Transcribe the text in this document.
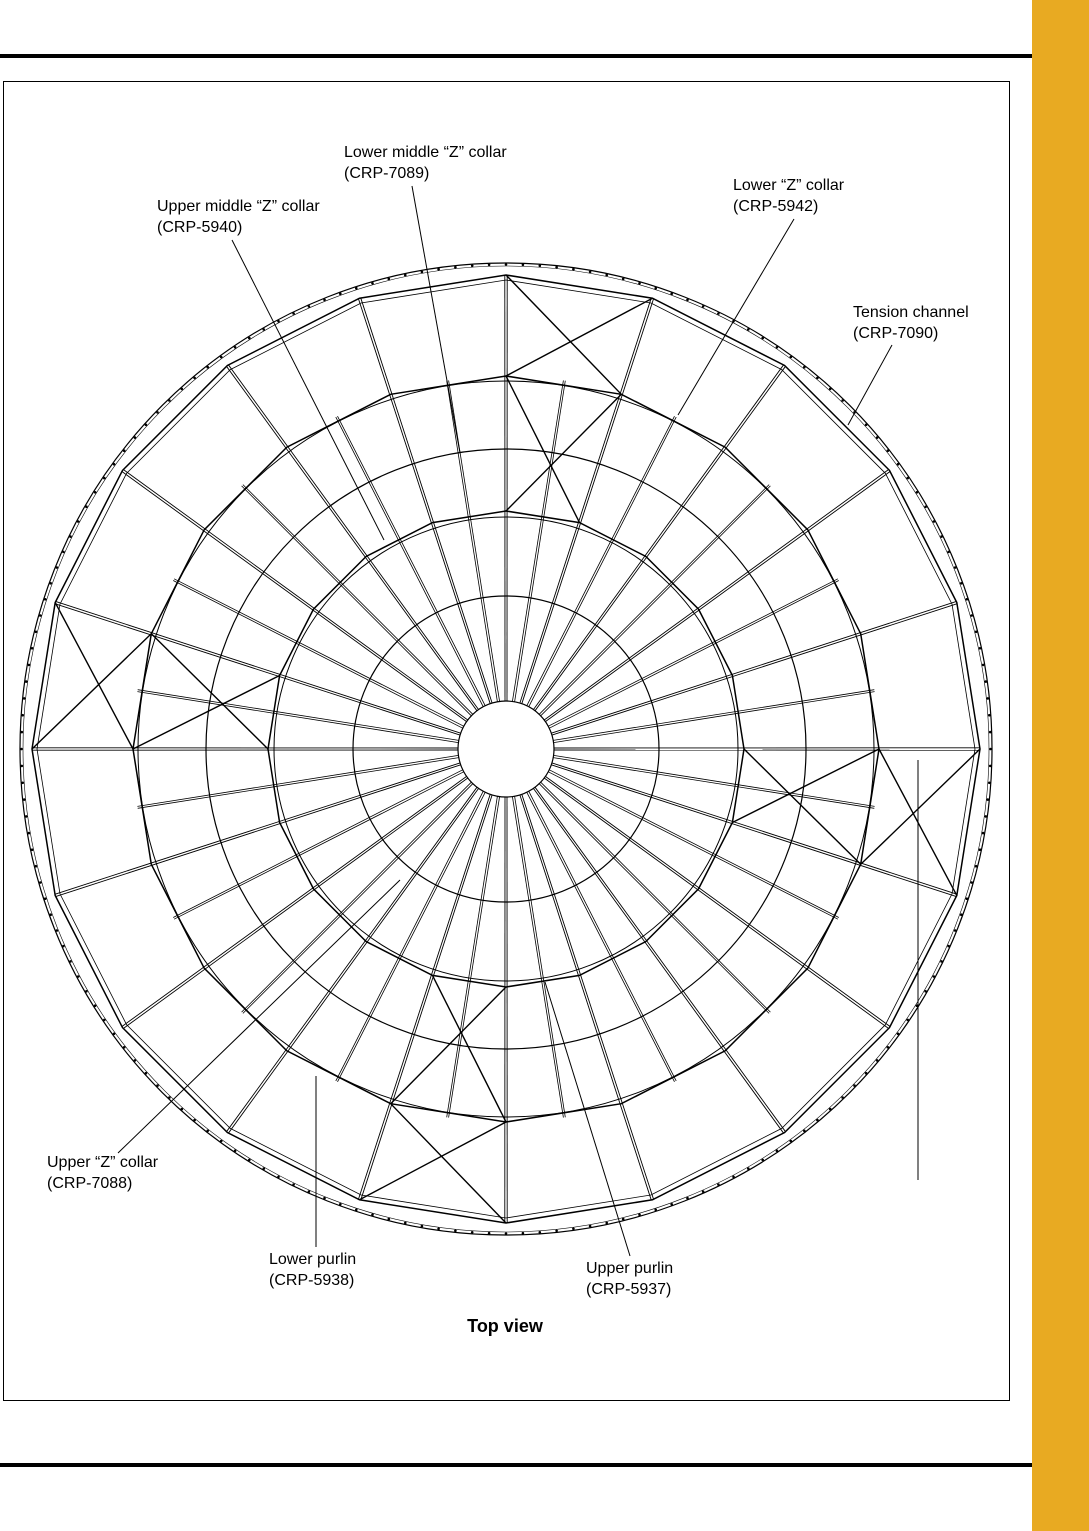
Lower middle “Z” collar
(CRP-7089)
Upper middle “Z” collar
(CRP-5940)
Lower “Z” collar
(CRP-5942)
Tension channel
(CRP-7090)
Upper “Z” collar
(CRP-7088)
Lower purlin
(CRP-5938)
Upper purlin
(CRP-5937)
Top view
